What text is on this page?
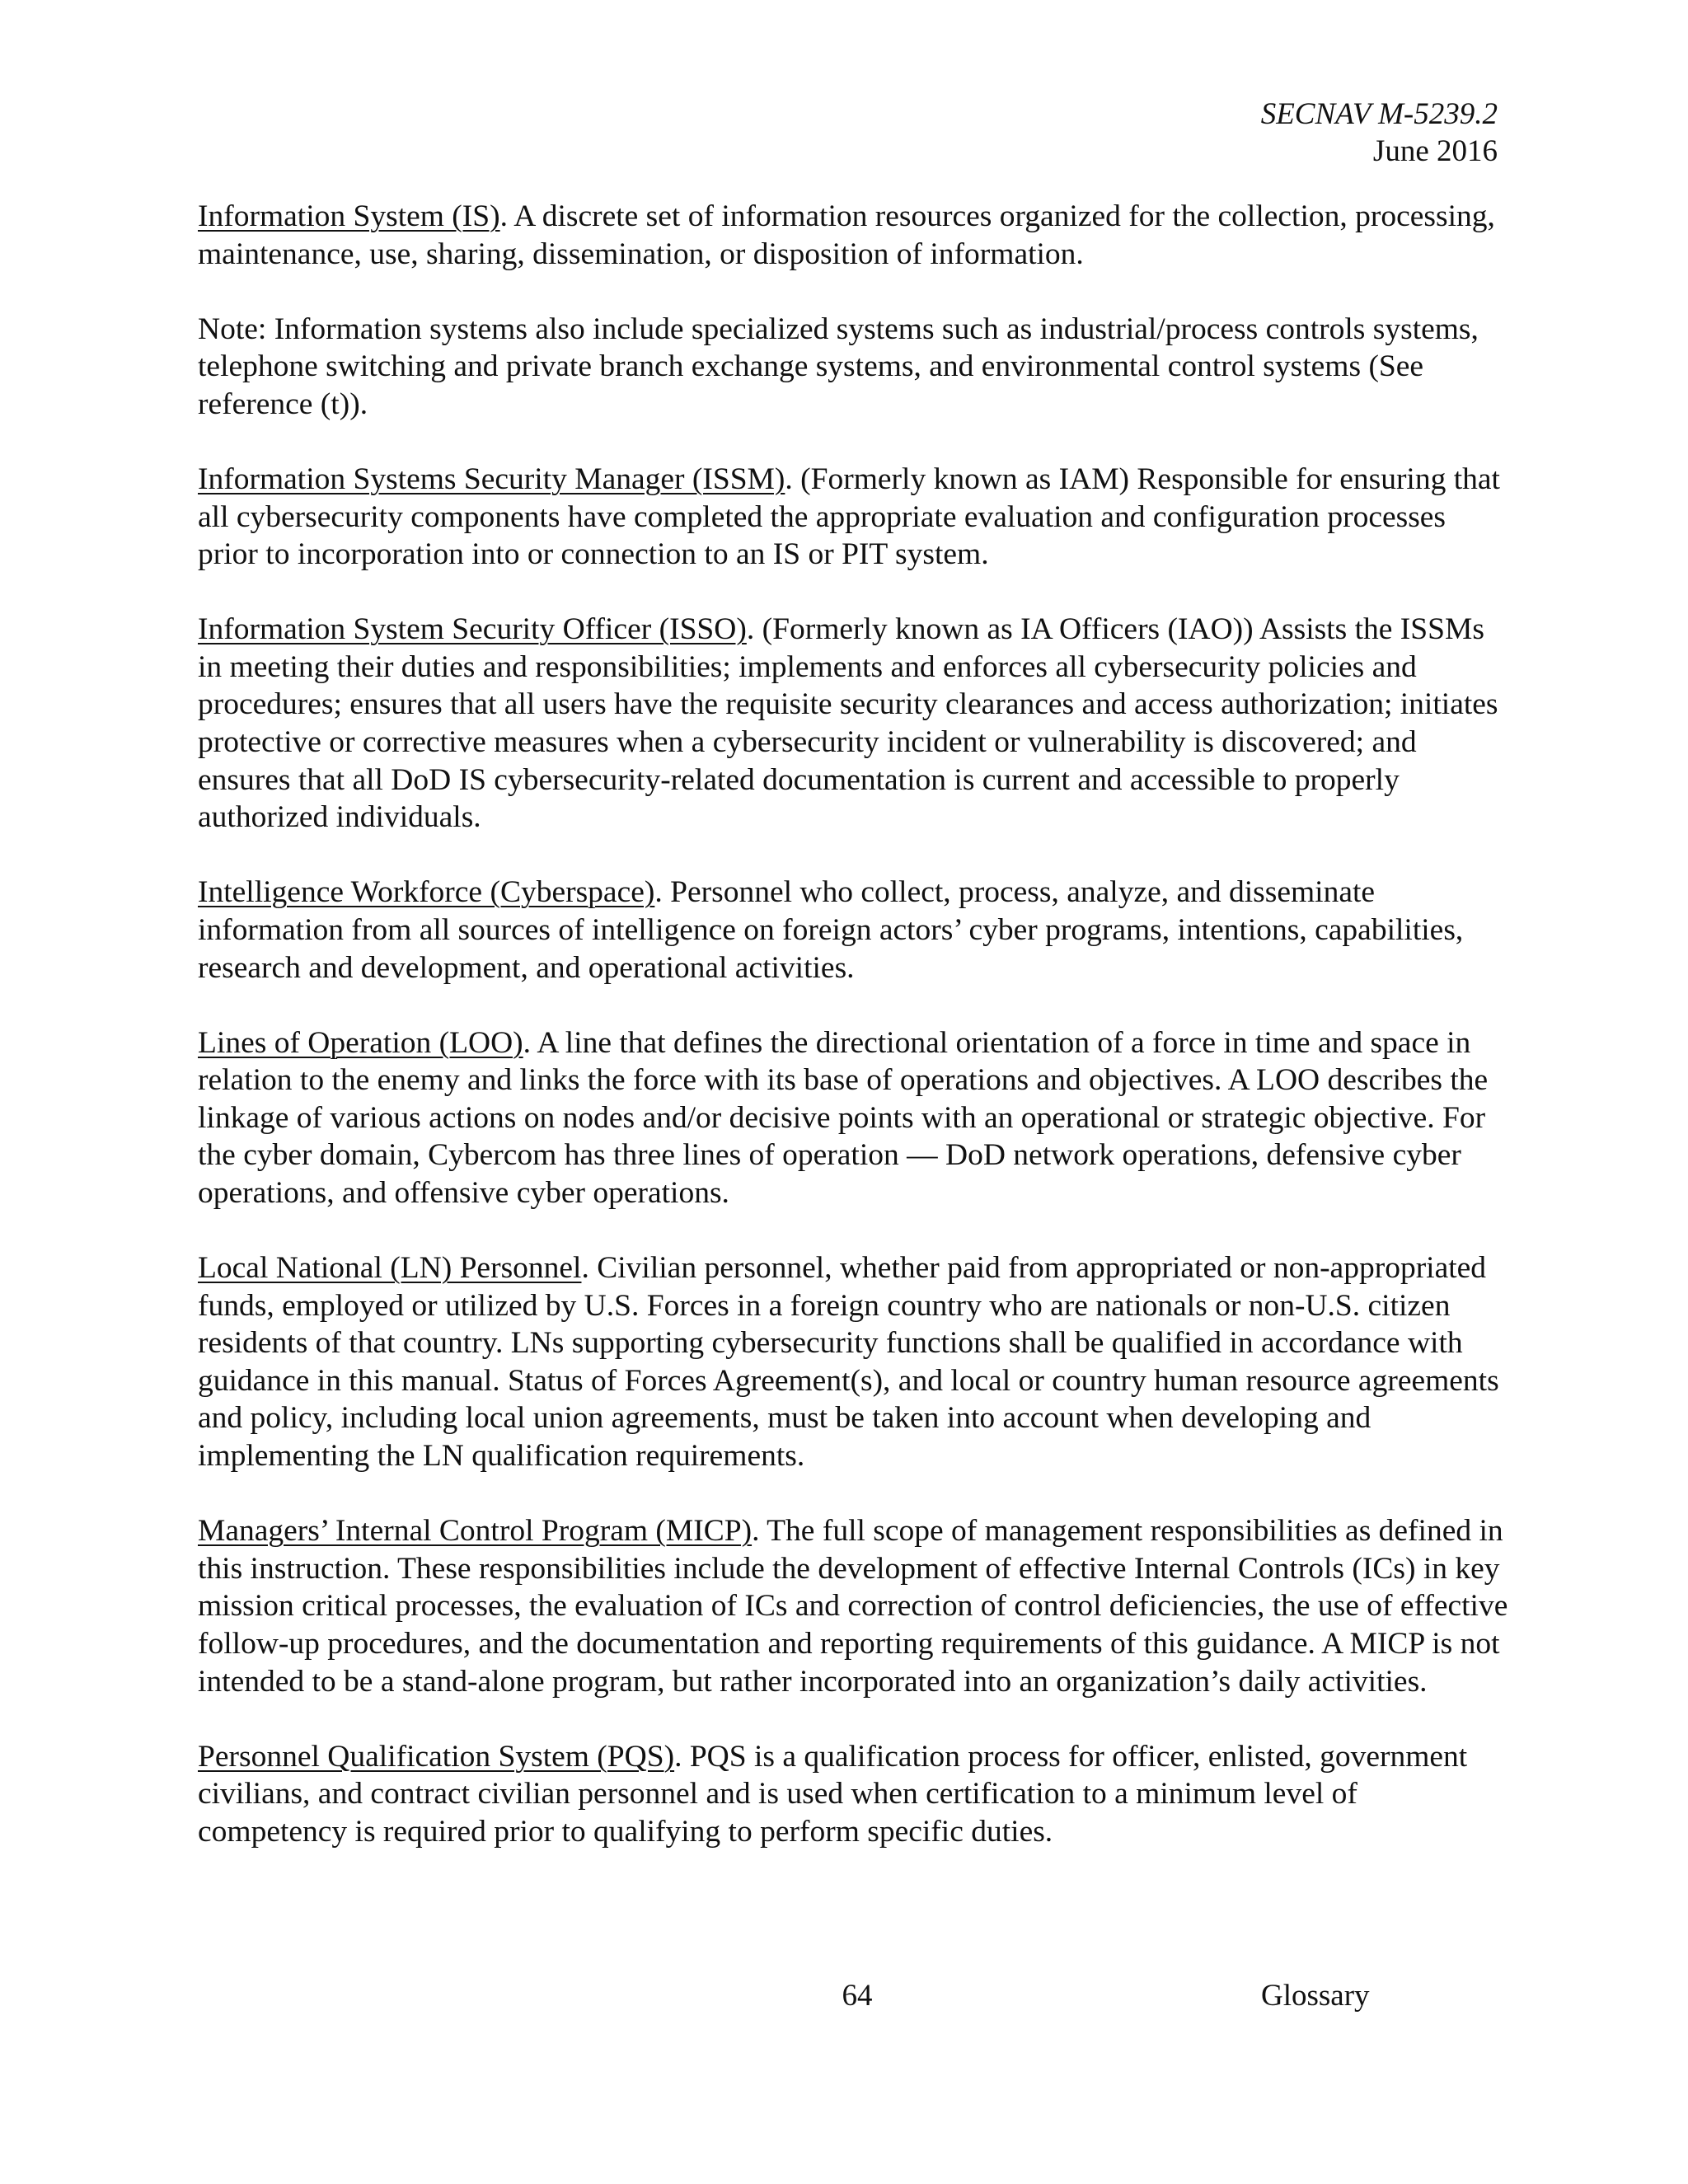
SECNAV M-5239.2
June 2016

Information System (IS). A discrete set of information resources organized for the collection, processing, maintenance, use, sharing, dissemination, or disposition of information.

Note: Information systems also include specialized systems such as industrial/process controls systems, telephone switching and private branch exchange systems, and environmental control systems (See reference (t)).

Information Systems Security Manager (ISSM). (Formerly known as IAM) Responsible for ensuring that all cybersecurity components have completed the appropriate evaluation and configuration processes prior to incorporation into or connection to an IS or PIT system.

Information System Security Officer (ISSO). (Formerly known as IA Officers (IAO)) Assists the ISSMs in meeting their duties and responsibilities; implements and enforces all cybersecurity policies and procedures; ensures that all users have the requisite security clearances and access authorization; initiates protective or corrective measures when a cybersecurity incident or vulnerability is discovered; and ensures that all DoD IS cybersecurity-related documentation is current and accessible to properly authorized individuals.

Intelligence Workforce (Cyberspace). Personnel who collect, process, analyze, and disseminate information from all sources of intelligence on foreign actors’ cyber programs, intentions, capabilities, research and development, and operational activities.

Lines of Operation (LOO). A line that defines the directional orientation of a force in time and space in relation to the enemy and links the force with its base of operations and objectives. A LOO describes the linkage of various actions on nodes and/or decisive points with an operational or strategic objective. For the cyber domain, Cybercom has three lines of operation — DoD network operations, defensive cyber operations, and offensive cyber operations.

Local National (LN) Personnel. Civilian personnel, whether paid from appropriated or non-appropriated funds, employed or utilized by U.S. Forces in a foreign country who are nationals or non-U.S. citizen residents of that country. LNs supporting cybersecurity functions shall be qualified in accordance with guidance in this manual. Status of Forces Agreement(s), and local or country human resource agreements and policy, including local union agreements, must be taken into account when developing and implementing the LN qualification requirements.

Managers’ Internal Control Program (MICP). The full scope of management responsibilities as defined in this instruction. These responsibilities include the development of effective Internal Controls (ICs) in key mission critical processes, the evaluation of ICs and correction of control deficiencies, the use of effective follow-up procedures, and the documentation and reporting requirements of this guidance. A MICP is not intended to be a stand-alone program, but rather incorporated into an organization’s daily activities.

Personnel Qualification System (PQS). PQS is a qualification process for officer, enlisted, government civilians, and contract civilian personnel and is used when certification to a minimum level of competency is required prior to qualifying to perform specific duties.

64	Glossary
